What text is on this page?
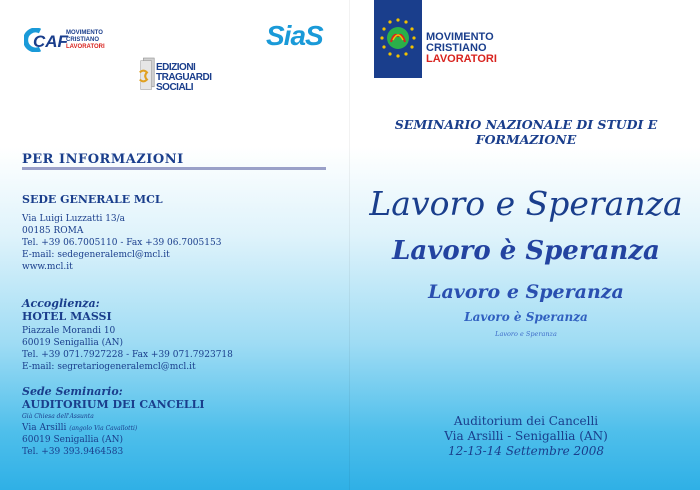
CAF
MOVIMENTO
CRISTIANO
LAVORATORI	SiaS
EDIZIONI
TRAGUARDI
SOCIALI
MOVIMENTO
CRISTIANO
LAVORATORI
SEMINARIO NAZIONALE DI STUDI E FORMAZIONE
Lavoro e Speranza
Lavoro è Speranza
Lavoro e Speranza
Lavoro è Speranza
Lavoro e Speranza
Auditorium dei Cancelli
Via Arsilli - Senigallia (AN)
12-13-14 Settembre 2008
PER INFORMAZIONI
SEDE GENERALE MCL
Via Luigi Luzzatti 13/a
00185 ROMA
Tel. +39 06.7005110 - Fax +39 06.7005153
E-mail: sedegeneralemcl@mcl.it
www.mcl.it
Accoglienza:
HOTEL MASSI
Piazzale Morandi 10
60019 Senigallia (AN)
Tel. +39 071.7927228 - Fax +39 071.7923718
E-mail: segretariogeneralemcl@mcl.it
Sede Seminario:
AUDITORIUM DEI CANCELLI
Già Chiesa dell'Assunta
Via Arsilli (angolo Via Cavallotti)
60019 Senigallia (AN)
Tel. +39 393.9464583
